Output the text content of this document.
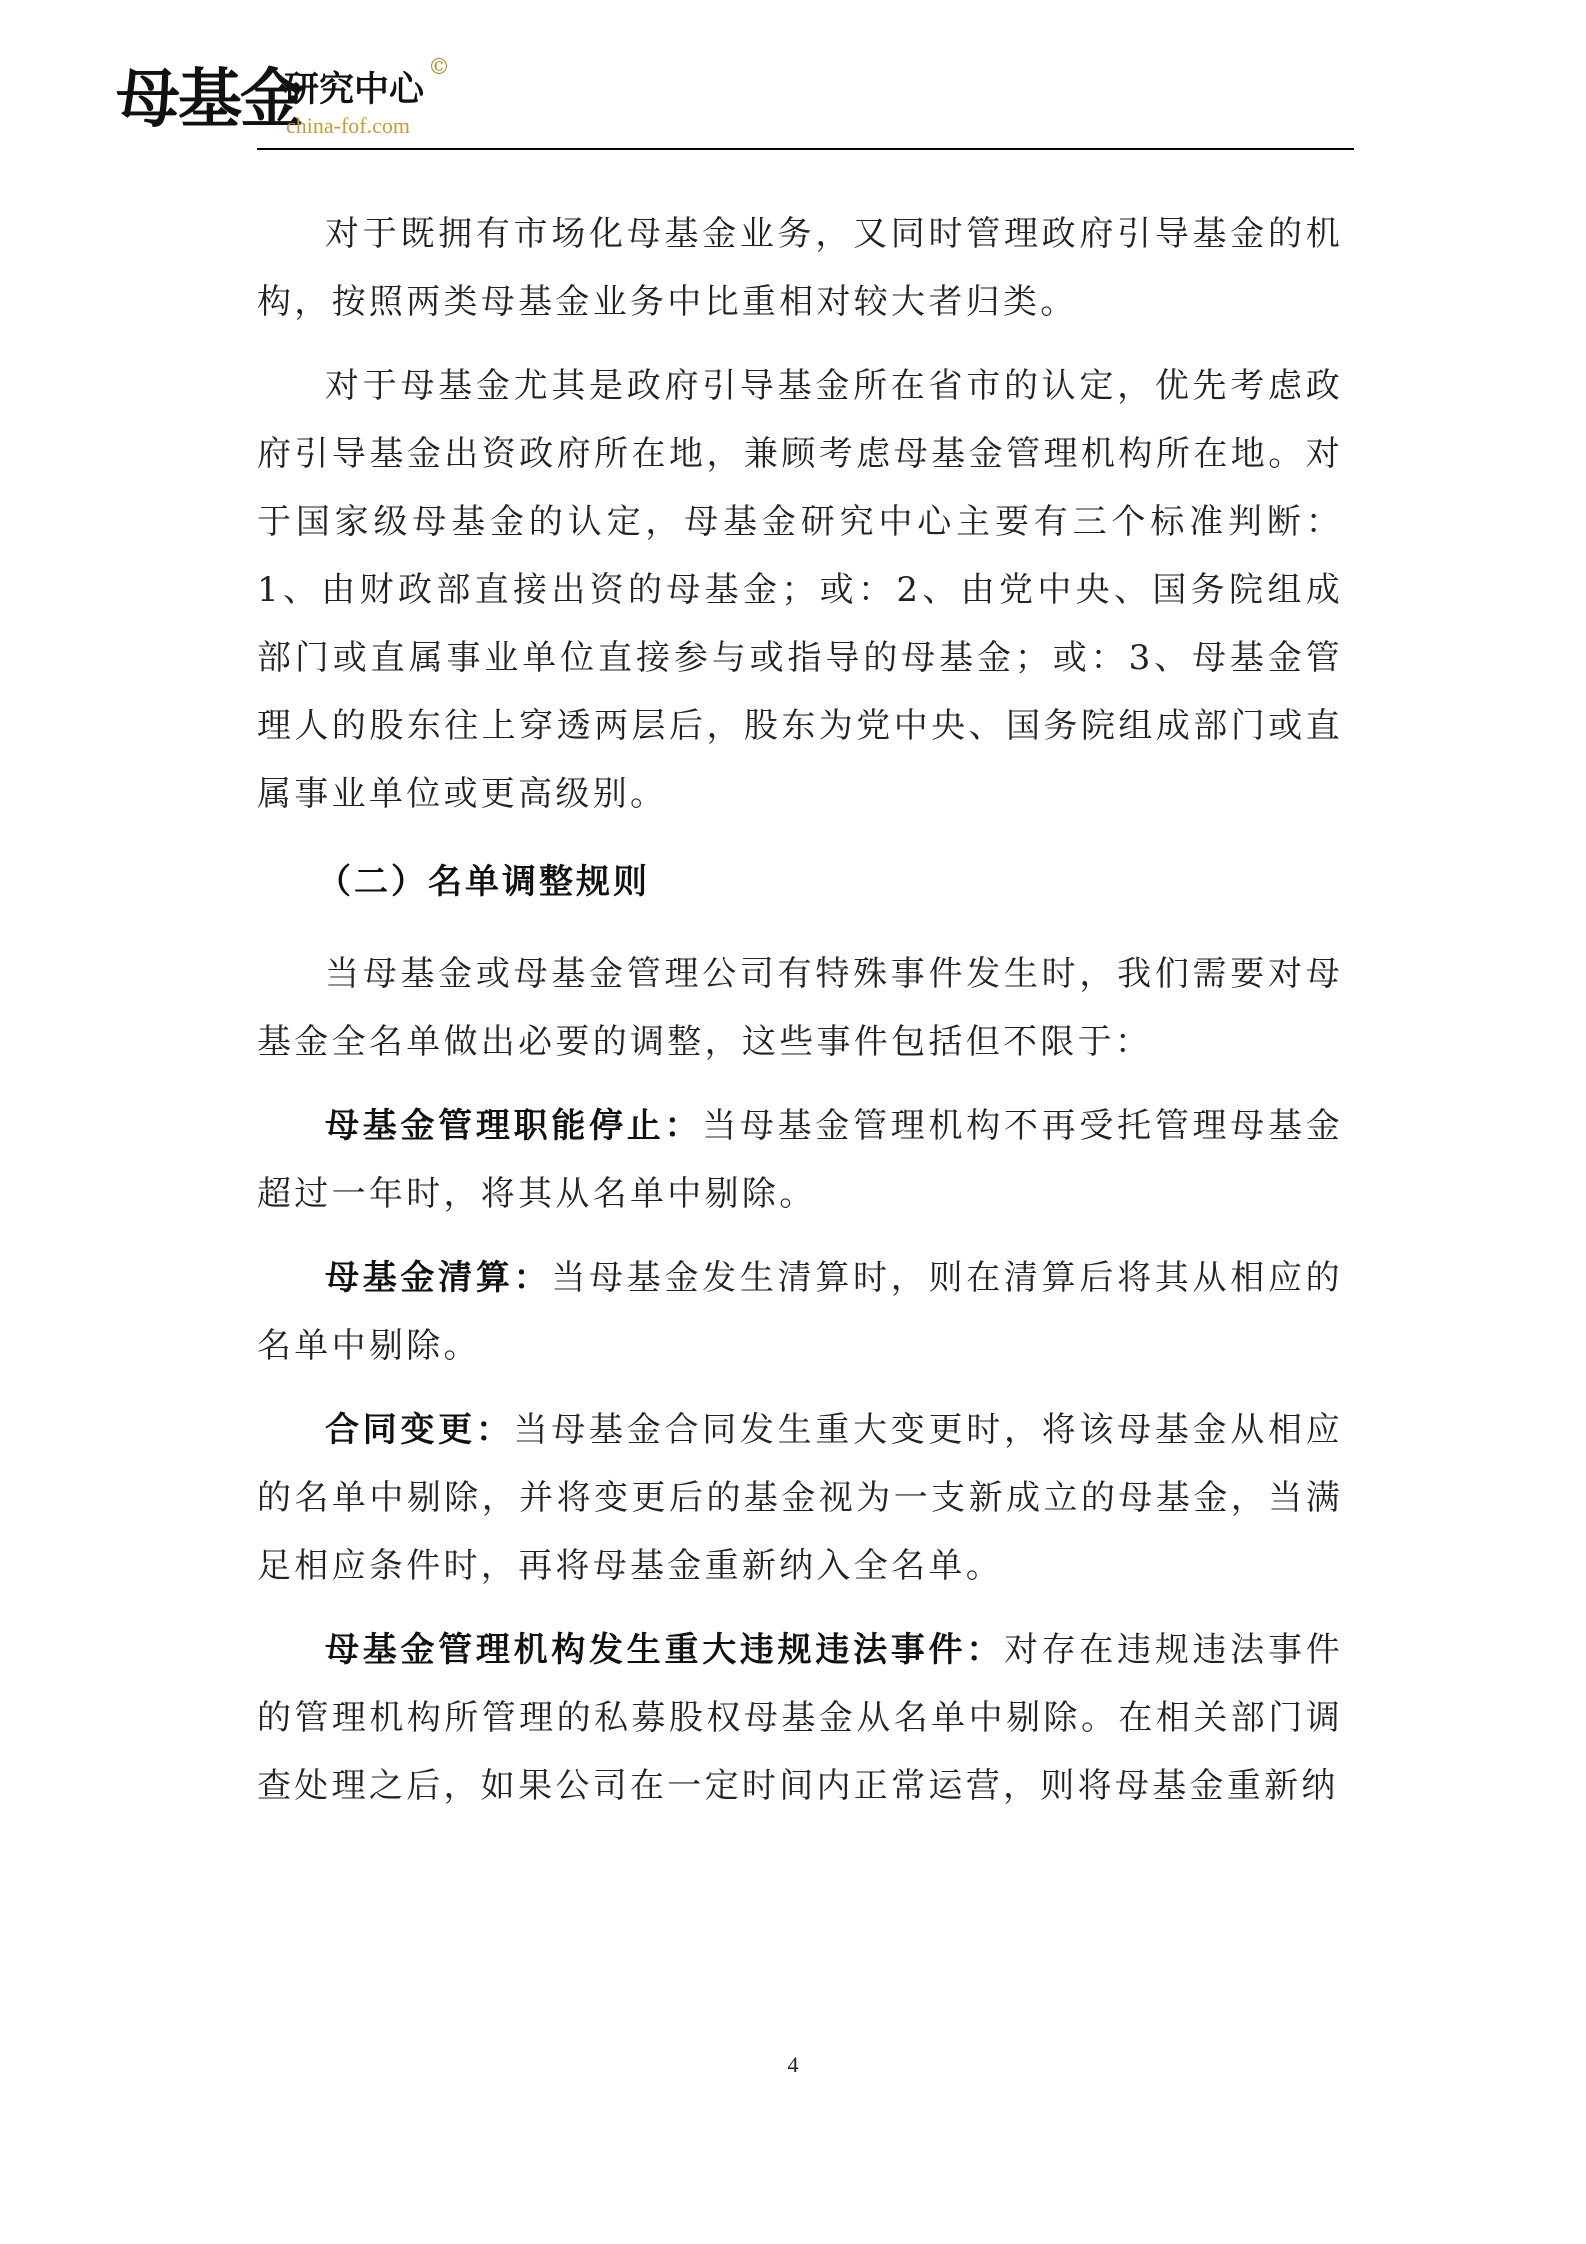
母基金
研究中心
©
china-fof.com

对于既拥有市场化母基金业务，又同时管理政府引导基金的机构，按照两类母基金业务中比重相对较大者归类。

对于母基金尤其是政府引导基金所在省市的认定，优先考虑政府引导基金出资政府所在地，兼顾考虑母基金管理机构所在地。对于国家级母基金的认定，母基金研究中心主要有三个标准判断：1、由财政部直接出资的母基金；或：2、由党中央、国务院组成部门或直属事业单位直接参与或指导的母基金；或：3、母基金管理人的股东往上穿透两层后，股东为党中央、国务院组成部门或直属事业单位或更高级别。

（二）名单调整规则

当母基金或母基金管理公司有特殊事件发生时，我们需要对母基金全名单做出必要的调整，这些事件包括但不限于：

母基金管理职能停止：当母基金管理机构不再受托管理母基金超过一年时，将其从名单中剔除。

母基金清算：当母基金发生清算时，则在清算后将其从相应的名单中剔除。

合同变更：当母基金合同发生重大变更时，将该母基金从相应的名单中剔除，并将变更后的基金视为一支新成立的母基金，当满足相应条件时，再将母基金重新纳入全名单。

母基金管理机构发生重大违规违法事件：对存在违规违法事件的管理机构所管理的私募股权母基金从名单中剔除。在相关部门调查处理之后，如果公司在一定时间内正常运营，则将母基金重新纳

4
